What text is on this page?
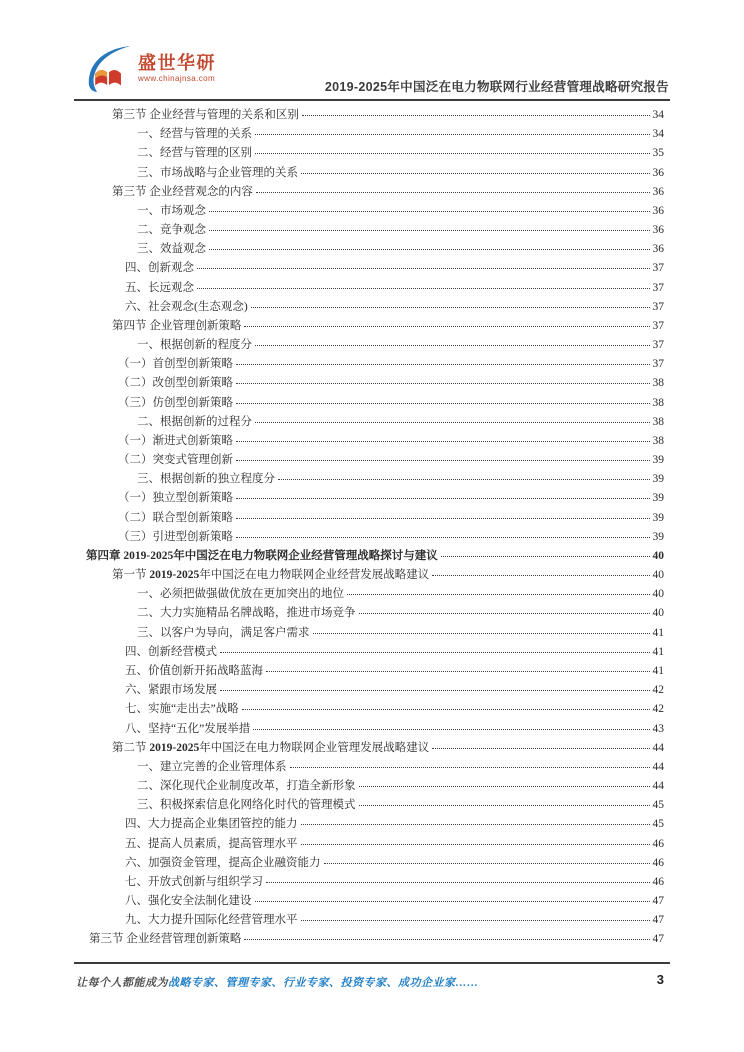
盛世华研
www.chinajnsa.com
2019-2025年中国泛在电力物联网行业经营管理战略研究报告
第三节 企业经营与管理的关系和区别	34
一、经营与管理的关系	34
二、经营与管理的区别	35
三、市场战略与企业管理的关系	36
第三节 企业经营观念的内容	36
一、市场观念	36
二、竞争观念	36
三、效益观念	36
四、创新观念	37
五、长远观念	37
六、社会观念(生态观念)	37
第四节 企业管理创新策略	37
一、根据创新的程度分	37
（一）首创型创新策略	37
（二）改创型创新策略	38
（三）仿创型创新策略	38
二、根据创新的过程分	38
（一）渐进式创新策略	38
（二）突变式管理创新	39
三、根据创新的独立程度分	39
（一）独立型创新策略	39
（二）联合型创新策略	39
（三）引进型创新策略	39
第四章 2019-2025年中国泛在电力物联网企业经营管理战略探讨与建议	40
第一节 2019-2025年中国泛在电力物联网企业经营发展战略建议	40
一、必须把做强做优放在更加突出的地位	40
二、大力实施精品名牌战略，推进市场竞争	40
三、以客户为导向，满足客户需求	41
四、创新经营模式	41
五、价值创新开拓战略蓝海	41
六、紧跟市场发展	42
七、实施“走出去”战略	42
八、坚持“五化”发展举措	43
第二节 2019-2025年中国泛在电力物联网企业管理发展战略建议	44
一、建立完善的企业管理体系	44
二、深化现代企业制度改革，打造全新形象	44
三、积极探索信息化网络化时代的管理模式	45
四、大力提高企业集团管控的能力	45
五、提高人员素质，提高管理水平	46
六、加强资金管理，提高企业融资能力	46
七、开放式创新与组织学习	46
八、强化安全法制化建设	47
九、大力提升国际化经营管理水平	47
第三节 企业经营管理创新策略	47
让每个人都能成为战略专家、管理专家、行业专家、投资专家、成功企业家……	3
